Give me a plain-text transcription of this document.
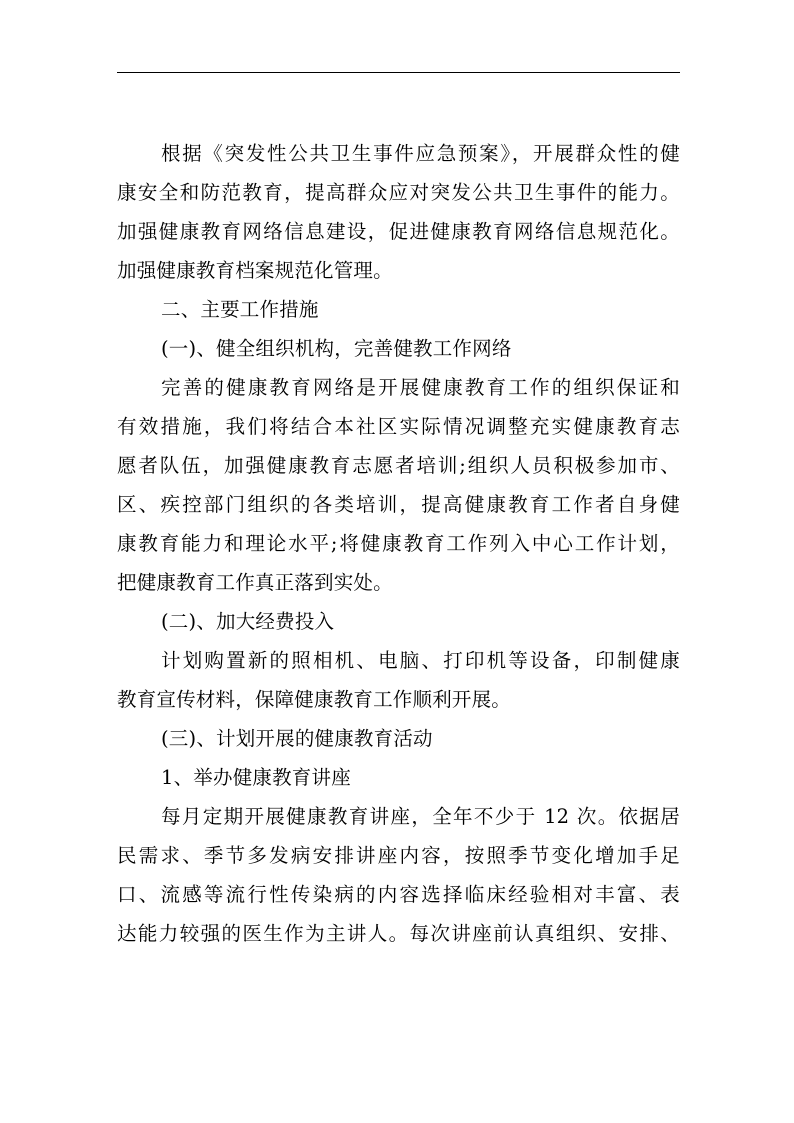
根据《突发性公共卫生事件应急预案》，开展群众性的健
康安全和防范教育，提高群众应对突发公共卫生事件的能力。
加强健康教育网络信息建设，促进健康教育网络信息规范化。
加强健康教育档案规范化管理。
二、主要工作措施
(一)、健全组织机构，完善健教工作网络
完善的健康教育网络是开展健康教育工作的组织保证和
有效措施，我们将结合本社区实际情况调整充实健康教育志
愿者队伍，加强健康教育志愿者培训;组织人员积极参加市、
区、疾控部门组织的各类培训，提高健康教育工作者自身健
康教育能力和理论水平;将健康教育工作列入中心工作计划，
把健康教育工作真正落到实处。
(二)、加大经费投入
计划购置新的照相机、电脑、打印机等设备，印制健康
教育宣传材料，保障健康教育工作顺利开展。
(三)、计划开展的健康教育活动
1、举办健康教育讲座
每月定期开展健康教育讲座，全年不少于 12 次。依据居
民需求、季节多发病安排讲座内容，按照季节变化增加手足
口、流感等流行性传染病的内容选择临床经验相对丰富、表
达能力较强的医生作为主讲人。每次讲座前认真组织、安排、
